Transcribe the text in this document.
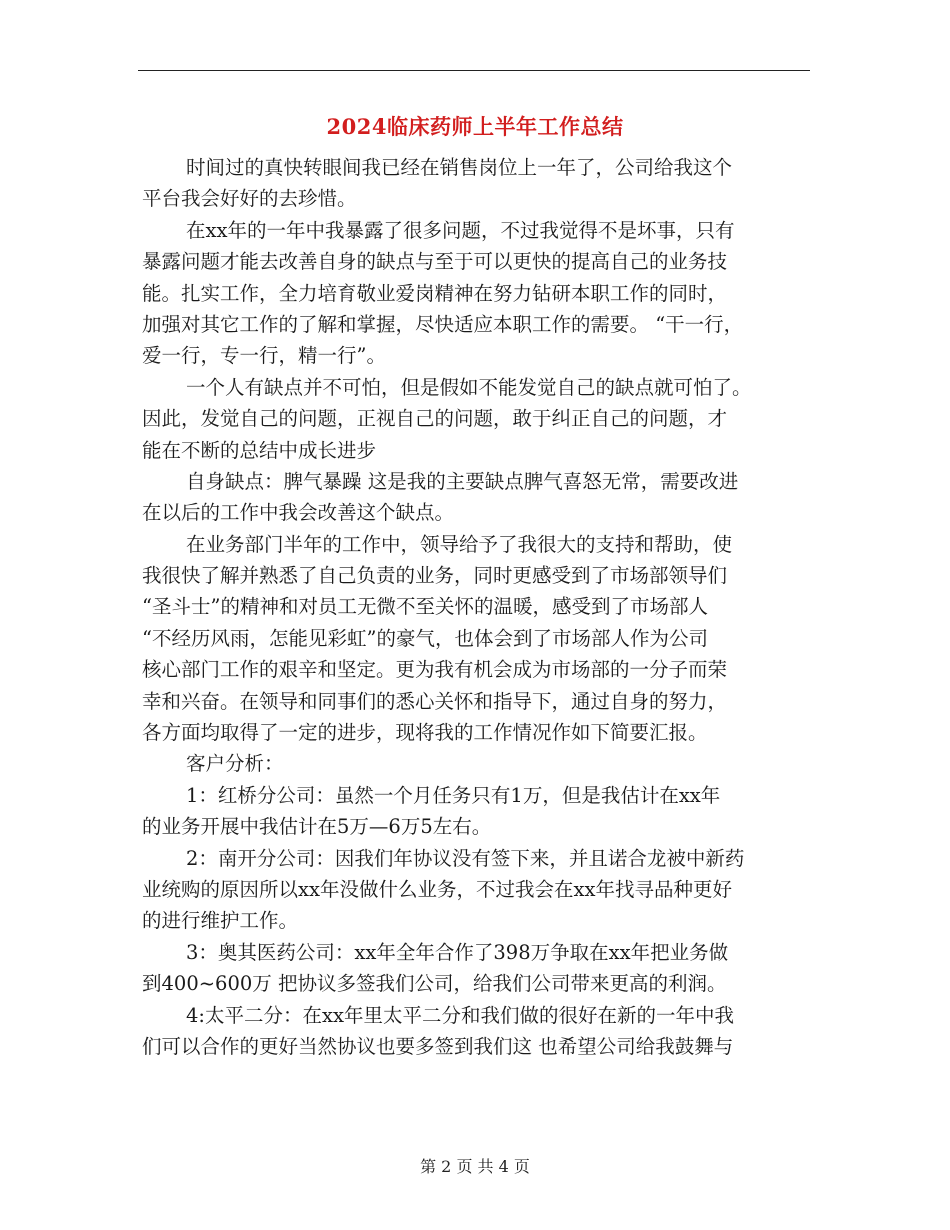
2024临床药师上半年工作总结
时间过的真快转眼间我已经在销售岗位上一年了，公司给我这个
平台我会好好的去珍惜。
在xx年的一年中我暴露了很多问题，不过我觉得不是坏事，只有
暴露问题才能去改善自身的缺点与至于可以更快的提高自己的业务技
能。扎实工作，全力培育敬业爱岗精神在努力钻研本职工作的同时，
加强对其它工作的了解和掌握，尽快适应本职工作的需要。 “干一行，
爱一行，专一行，精一行”。
一个人有缺点并不可怕，但是假如不能发觉自己的缺点就可怕了。
因此，发觉自己的问题，正视自己的问题，敢于纠正自己的问题，才
能在不断的总结中成长进步
自身缺点：脾气暴躁 这是我的主要缺点脾气喜怒无常，需要改进
在以后的工作中我会改善这个缺点。
在业务部门半年的工作中，领导给予了我很大的支持和帮助，使
我很快了解并熟悉了自己负责的业务，同时更感受到了市场部领导们
“圣斗士”的精神和对员工无微不至关怀的温暖，感受到了市场部人
“不经历风雨，怎能见彩虹”的豪气，也体会到了市场部人作为公司
核心部门工作的艰辛和坚定。更为我有机会成为市场部的一分子而荣
幸和兴奋。在领导和同事们的悉心关怀和指导下，通过自身的努力，
各方面均取得了一定的进步，现将我的工作情况作如下简要汇报。
客户分析：
1：红桥分公司：虽然一个月任务只有1万，但是我估计在xx年
的业务开展中我估计在5万—6万5左右。
2：南开分公司：因我们年协议没有签下来，并且诺合龙被中新药
业统购的原因所以xx年没做什么业务，不过我会在xx年找寻品种更好
的进行维护工作。
3：奥其医药公司：xx年全年合作了398万争取在xx年把业务做
到400~600万 把协议多签我们公司，给我们公司带来更高的利润。
4:太平二分：在xx年里太平二分和我们做的很好在新的一年中我
们可以合作的更好当然协议也要多签到我们这 也希望公司给我鼓舞与
第 2 页 共 4 页
